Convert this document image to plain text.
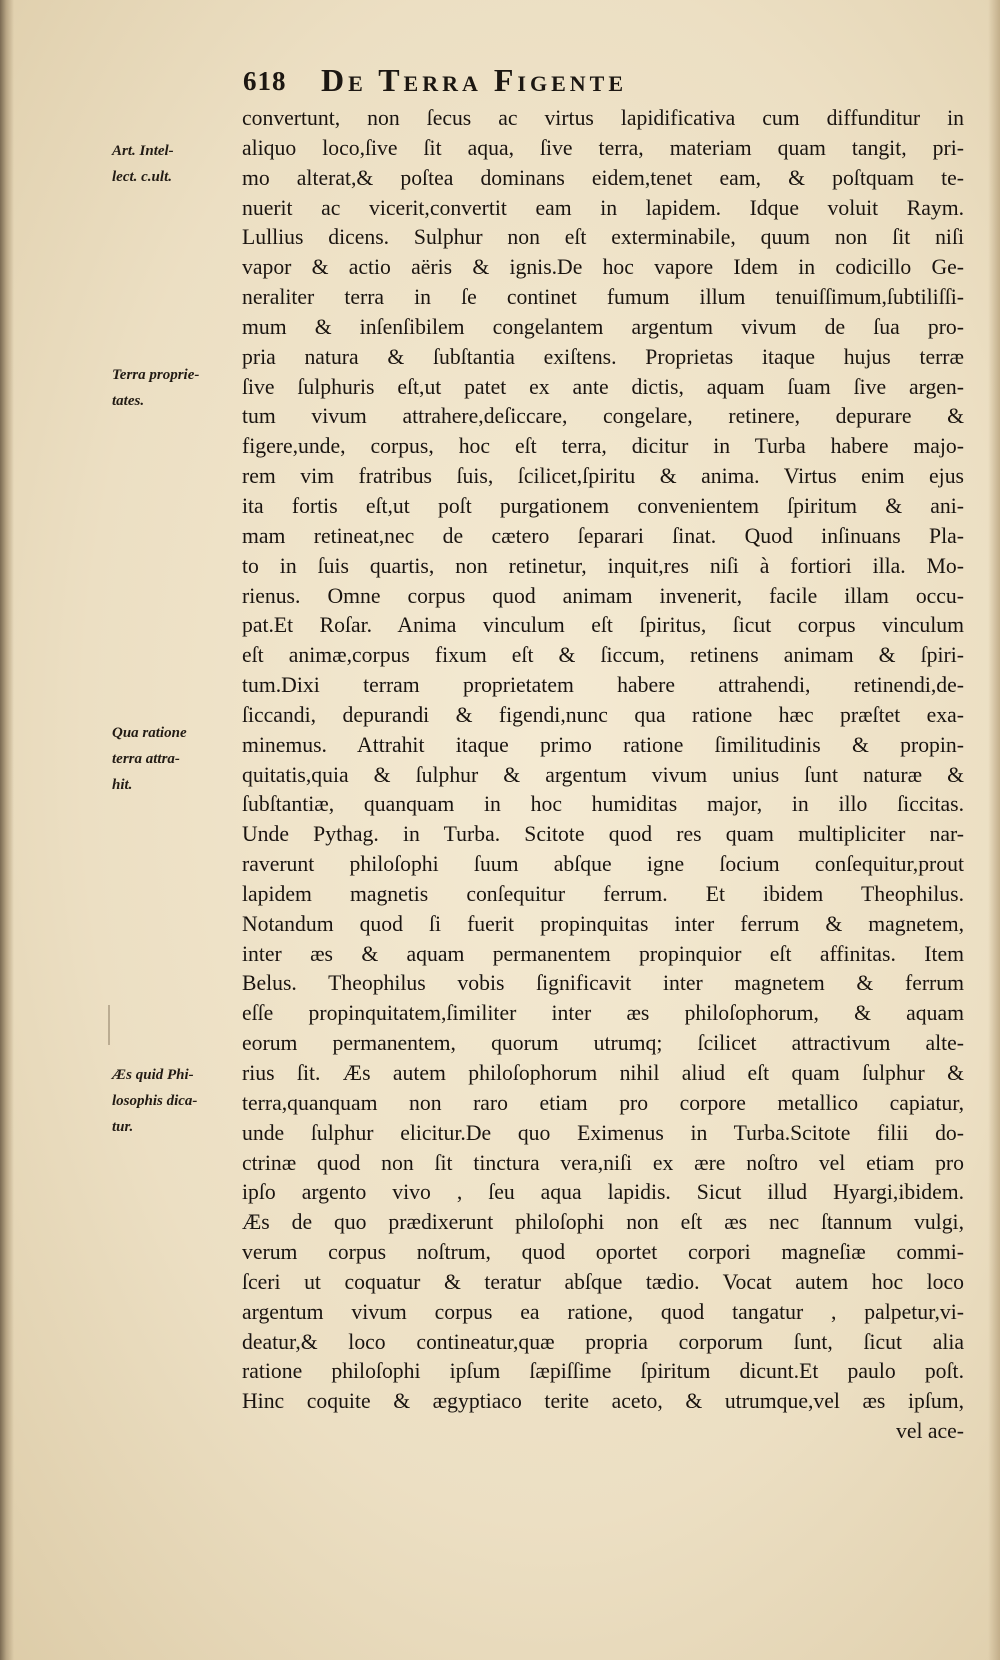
618 De Terra Figente
Art. Intel-
lect. c.ult.
Terra proprie-
tates.
Qua ratione
terra attra-
hit.
Æs quid Phi-
losophis dica-
tur.
convertunt, non ſecus ac virtus lapidificativa cum diffunditur in
aliquo loco,ſive ſit aqua, ſive terra, materiam quam tangit, pri-
mo alterat,& poſtea dominans eidem,tenet eam, & poſtquam te-
nuerit ac vicerit,convertit eam in lapidem. Idque voluit Raym.
Lullius dicens. Sulphur non eſt exterminabile, quum non ſit niſi
vapor & actio aëris & ignis.De hoc vapore Idem in codicillo Ge-
neraliter terra in ſe continet fumum illum tenuiſſimum,ſubtiliſſi-
mum & inſenſibilem congelantem argentum vivum de ſua pro-
pria natura & ſubſtantia exiſtens. Proprietas itaque hujus terræ
ſive ſulphuris eſt,ut patet ex ante dictis, aquam ſuam ſive argen-
tum vivum attrahere,deſiccare, congelare, retinere, depurare &
figere,unde, corpus, hoc eſt terra, dicitur in Turba habere majo-
rem vim fratribus ſuis, ſcilicet,ſpiritu & anima. Virtus enim ejus
ita fortis eſt,ut poſt purgationem convenientem ſpiritum & ani-
mam retineat,nec de cætero ſeparari ſinat. Quod inſinuans Pla-
to in ſuis quartis, non retinetur, inquit,res niſi à fortiori illa. Mo-
rienus. Omne corpus quod animam invenerit, facile illam occu-
pat.Et Roſar. Anima vinculum eſt ſpiritus, ſicut corpus vinculum
eſt animæ,corpus fixum eſt & ſiccum, retinens animam & ſpiri-
tum.Dixi terram proprietatem habere attrahendi, retinendi,de-
ſiccandi, depurandi & figendi,nunc qua ratione hæc præſtet exa-
minemus. Attrahit itaque primo ratione ſimilitudinis & propin-
quitatis,quia & ſulphur & argentum vivum unius ſunt naturæ &
ſubſtantiæ, quanquam in hoc humiditas major, in illo ſiccitas.
Unde Pythag. in Turba. Scitote quod res quam multipliciter nar-
raverunt philoſophi ſuum abſque igne ſocium conſequitur,prout
lapidem magnetis conſequitur ferrum. Et ibidem Theophilus.
Notandum quod ſi fuerit propinquitas inter ferrum & magnetem,
inter æs & aquam permanentem propinquior eſt affinitas. Item
Belus. Theophilus vobis ſignificavit inter magnetem & ferrum
eſſe propinquitatem,ſimiliter inter æs philoſophorum, & aquam
eorum permanentem, quorum utrumq; ſcilicet attractivum alte-
rius ſit. Æs autem philoſophorum nihil aliud eſt quam ſulphur &
terra,quanquam non raro etiam pro corpore metallico capiatur,
unde ſulphur elicitur.De quo Eximenus in Turba.Scitote filii do-
ctrinæ quod non ſit tinctura vera,niſi ex ære noſtro vel etiam pro
ipſo argento vivo , ſeu aqua lapidis. Sicut illud Hyargi,ibidem.
Æs de quo prædixerunt philoſophi non eſt æs nec ſtannum vulgi,
verum corpus noſtrum, quod oportet corpori magneſiæ commi-
ſceri ut coquatur & teratur abſque tædio. Vocat autem hoc loco
argentum vivum corpus ea ratione, quod tangatur , palpetur,vi-
deatur,& loco contineatur,quæ propria corporum ſunt, ſicut alia
ratione philoſophi ipſum ſæpiſſime ſpiritum dicunt.Et paulo poſt.
Hinc coquite & ægyptiaco terite aceto, & utrumque,vel æs ipſum,
vel ace-
